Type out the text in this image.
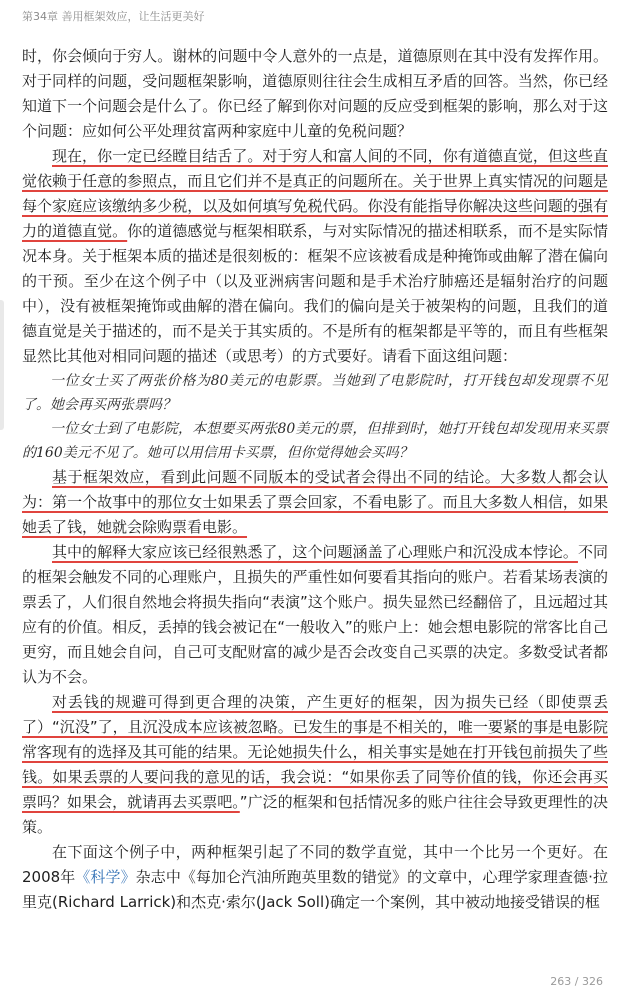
第34章 善用框架效应，让生活更美好

时，你会倾向于穷人。谢林的问题中令人意外的一点是，道德原则在其中没有发挥作用。对于同样的问题，受问题框架影响，道德原则往往会生成相互矛盾的回答。当然，你已经知道下一个问题会是什么了。你已经了解到你对问题的反应受到框架的影响，那么对于这个问题：应如何公平处理贫富两种家庭中儿童的免税问题？

现在，你一定已经瞠目结舌了。对于穷人和富人间的不同，你有道德直觉，但这些直觉依赖于任意的参照点，而且它们并不是真正的问题所在。关于世界上真实情况的问题是每个家庭应该缴纳多少税，以及如何填写免税代码。你没有能指导你解决这些问题的强有力的道德直觉。你的道德感觉与框架相联系，与对实际情况的描述相联系，而不是实际情况本身。关于框架本质的描述是很刻板的：框架不应该被看成是种掩饰或曲解了潜在偏向的干预。至少在这个例子中（以及亚洲病害问题和是手术治疗肺癌还是辐射治疗的问题中），没有被框架掩饰或曲解的潜在偏向。我们的偏向是关于被架构的问题，且我们的道德直觉是关于描述的，而不是关于其实质的。不是所有的框架都是平等的，而且有些框架显然比其他对相同问题的描述（或思考）的方式要好。请看下面这组问题：

一位女士买了两张价格为80美元的电影票。当她到了电影院时，打开钱包却发现票不见了。她会再买两张票吗？

一位女士到了电影院，本想要买两张80美元的票，但排到时，她打开钱包却发现用来买票的160美元不见了。她可以用信用卡买票，但你觉得她会买吗？

基于框架效应，看到此问题不同版本的受试者会得出不同的结论。大多数人都会认为：第一个故事中的那位女士如果丢了票会回家，不看电影了。而且大多数人相信，如果她丢了钱，她就会除购票看电影。

其中的解释大家应该已经很熟悉了，这个问题涵盖了心理账户和沉没成本悖论。不同的框架会触发不同的心理账户，且损失的严重性如何要看其指向的账户。若看某场表演的票丢了，人们很自然地会将损失指向“表演”这个账户。损失显然已经翻倍了，且远超过其应有的价值。相反，丢掉的钱会被记在“一般收入”的账户上：她会想电影院的常客比自己更穷，而且她会自问，自己可支配财富的减少是否会改变自己买票的决定。多数受试者都认为不会。

对丢钱的规避可得到更合理的决策，产生更好的框架，因为损失已经（即使票丢了）“沉没”了，且沉没成本应该被忽略。已发生的事是不相关的，唯一要紧的事是电影院常客现有的选择及其可能的结果。无论她损失什么，相关事实是她在打开钱包前损失了些钱。如果丢票的人要问我的意见的话，我会说：“如果你丢了同等价值的钱，你还会再买票吗？如果会，就请再去买票吧。”广泛的框架和包括情况多的账户往往会导致更理性的决策。

在下面这个例子中，两种框架引起了不同的数学直觉，其中一个比另一个更好。在2008年《科学》杂志中《每加仑汽油所跑英里数的错觉》的文章中，心理学家理查德·拉里克(Richard Larrick)和杰克·索尔(Jack Soll)确定一个案例，其中被动地接受错误的框

263 / 326
